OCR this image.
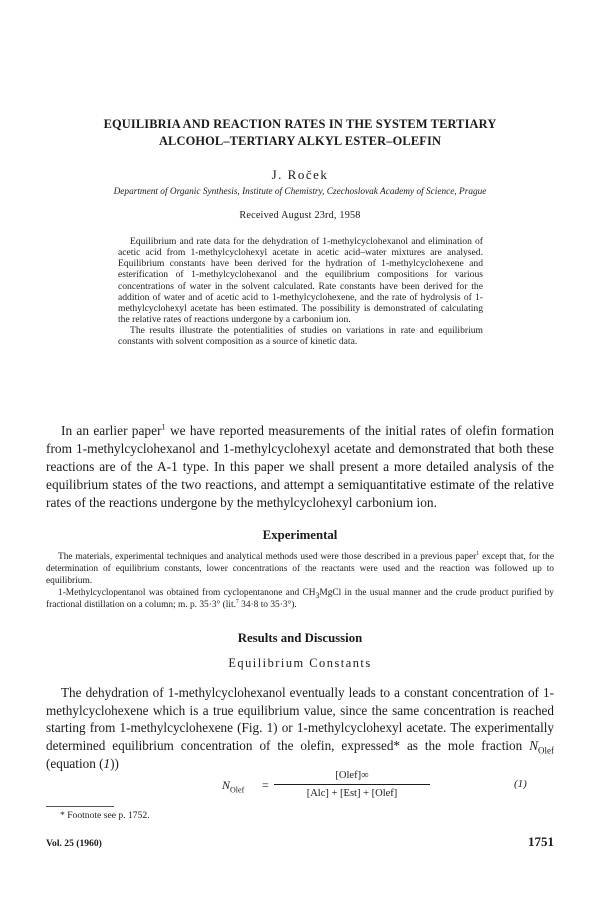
EQUILIBRIA AND REACTION RATES IN THE SYSTEM TERTIARY
ALCOHOL–TERTIARY ALKYL ESTER–OLEFIN
J. Roček
Department of Organic Synthesis, Institute of Chemistry, Czechoslovak Academy of Science, Prague
Received August 23rd, 1958

Equilibrium and rate data for the dehydration of 1-methylcyclohexanol and elimination of acetic acid from 1-methylcyclohexyl acetate in acetic acid–water mixtures are analysed. Equilibrium constants have been derived for the hydration of 1-methylcyclohexene and esterification of 1-methylcyclohexanol and the equilibrium compositions for various concentrations of water in the solvent calculated. Rate constants have been derived for the addition of water and of acetic acid to 1-methylcyclohexene, and the rate of hydrolysis of 1-methylcyclohexyl acetate has been estimated. The possibility is demonstrated of calculating the relative rates of reactions undergone by a carbonium ion.

The results illustrate the potentialities of studies on variations in rate and equilibrium constants with solvent composition as a source of kinetic data.

In an earlier paper$^1$ we have reported measurements of the initial rates of olefin formation from 1-methylcyclohexanol and 1-methylcyclohexyl acetate and demonstrated that both these reactions are of the A-1 type. In this paper we shall present a more detailed analysis of the equilibrium states of the two reactions, and attempt a semiquantitative estimate of the relative rates of the reactions undergone by the methylcyclohexyl carbonium ion.

Experimental

The materials, experimental techniques and analytical methods used were those described in a previous paper$^1$ except that, for the determination of equilibrium constants, lower concentrations of the reactants were used and the reaction was followed up to equilibrium.

1-Methylcyclopentanol was obtained from cyclopentanone and $CH_3MgCl$ in the usual manner and the crude product purified by fractional distillation on a column; m. p. 35·3° (lit.$^7$ 34·8 to 35·3°).

Results and Discussion
Equilibrium Constants

The dehydration of 1-methylcyclohexanol eventually leads to a constant concentration of 1-methylcyclohexene which is a true equilibrium value, since the same concentration is reached starting from 1-methylcyclohexene (Fig. 1) or 1-methylcyclohexyl acetate. The experimentally determined equilibrium concentration of the olefin, expressed* as the mole fraction $N_{Olef}$ (equation (1))

$N_{Olef}$ =
[Olef]∞
[Alc] + [Est] + [Olef]
(1)
* Footnote see p. 1752.
Vol. 25 (1960)	1751
